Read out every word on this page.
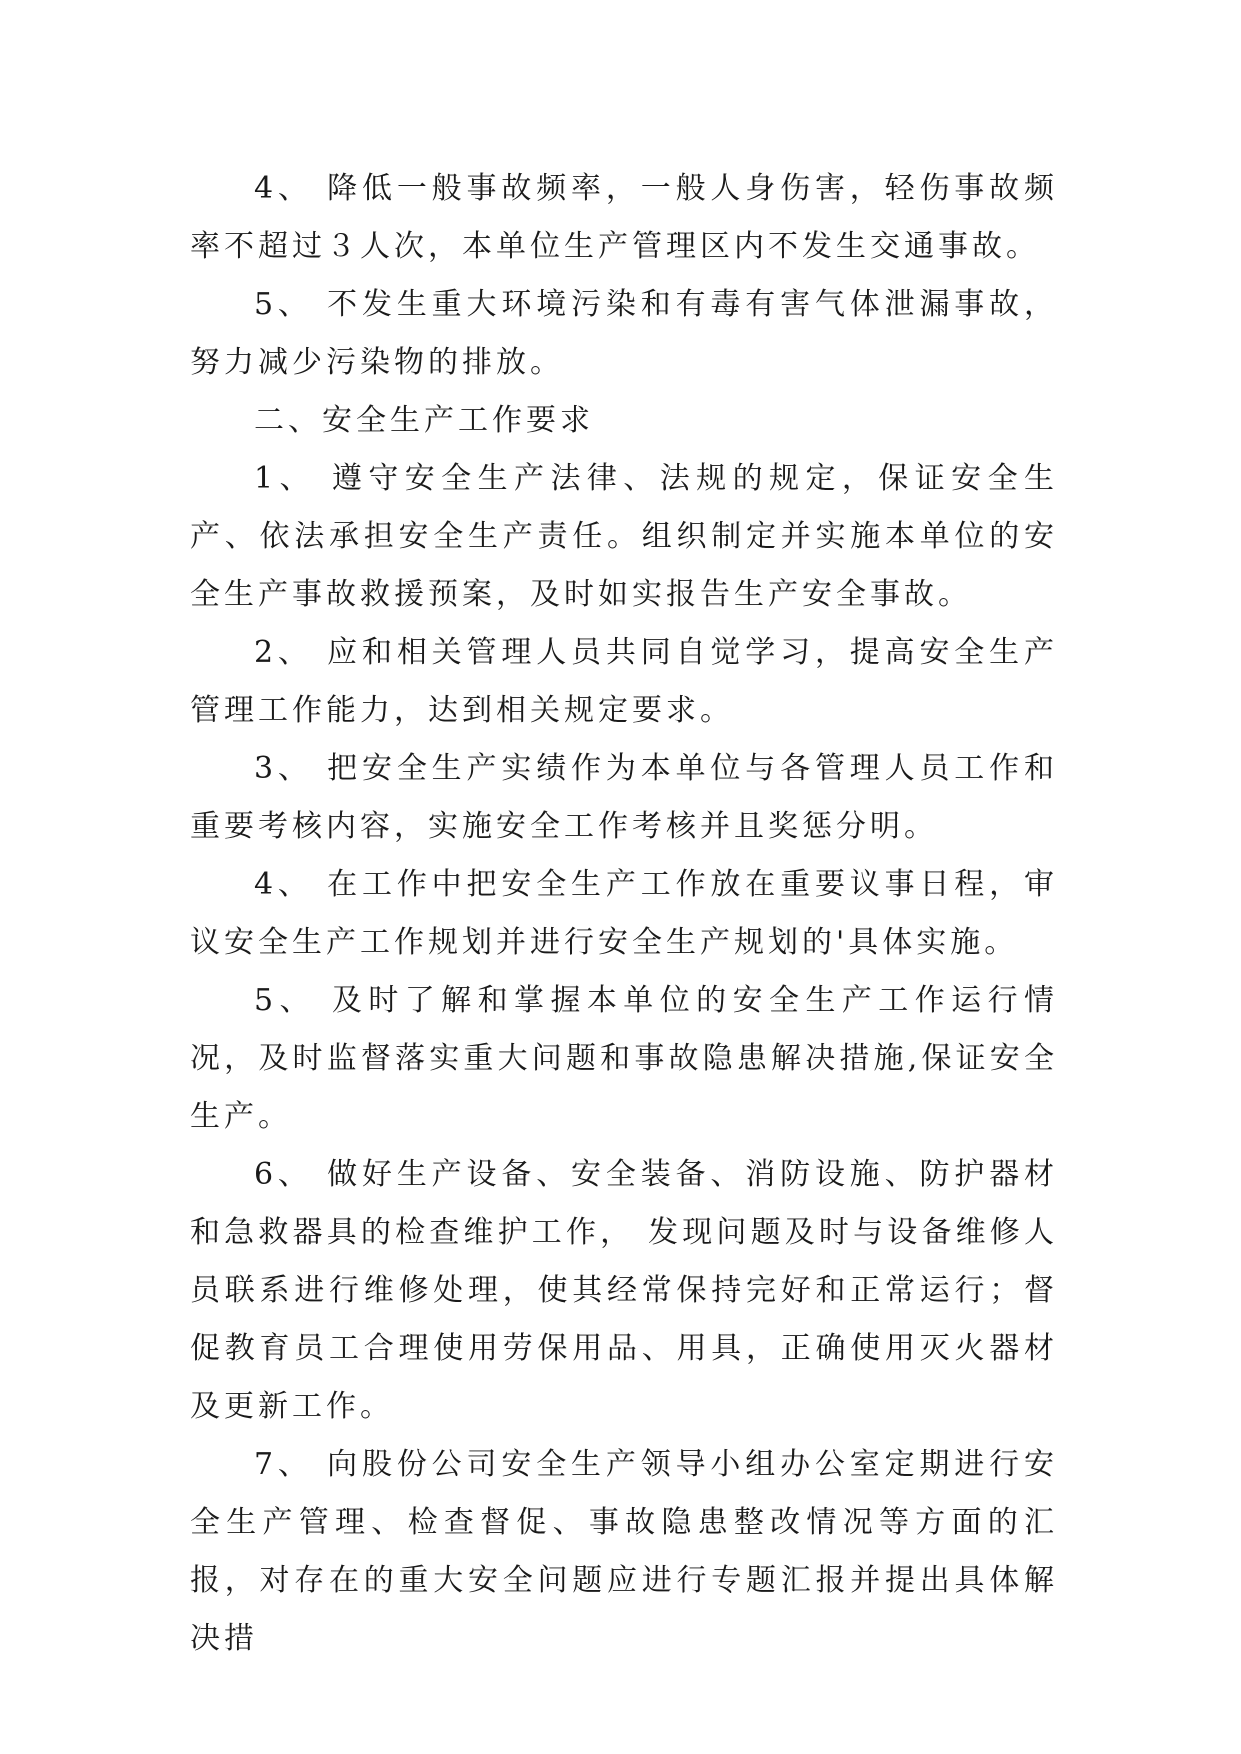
4、 降低一般事故频率，一般人身伤害，轻伤事故频率不超过３人次，本单位生产管理区内不发生交通事故。

5、 不发生重大环境污染和有毒有害气体泄漏事故，努力减少污染物的排放。

二、安全生产工作要求

1、 遵守安全生产法律、法规的规定，保证安全生产、依法承担安全生产责任。组织制定并实施本单位的安全生产事故救援预案，及时如实报告生产安全事故。

2、 应和相关管理人员共同自觉学习，提高安全生产管理工作能力，达到相关规定要求。

3、 把安全生产实绩作为本单位与各管理人员工作和重要考核内容，实施安全工作考核并且奖惩分明。

4、 在工作中把安全生产工作放在重要议事日程，审议安全生产工作规划并进行安全生产规划的'具体实施。

5、 及时了解和掌握本单位的安全生产工作运行情况，及时监督落实重大问题和事故隐患解决措施,保证安全生产。

6、 做好生产设备、安全装备、消防设施、防护器材和急救器具的检查维护工作， 发现问题及时与设备维修人员联系进行维修处理，使其经常保持完好和正常运行；督促教育员工合理使用劳保用品、用具，正确使用灭火器材及更新工作。

7、 向股份公司安全生产领导小组办公室定期进行安全生产管理、检查督促、事故隐患整改情况等方面的汇报，对存在的重大安全问题应进行专题汇报并提出具体解决措
